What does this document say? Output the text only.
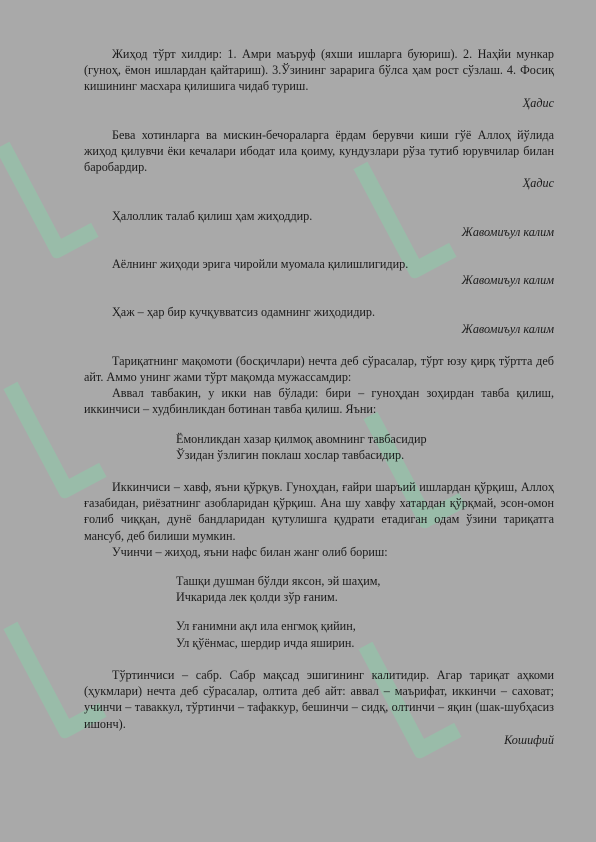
Жиҳод тўрт хилдир: 1. Амри маъруф (яхши ишларга буюриш). 2. Наҳйи мункар (гуноҳ, ёмон ишлардан қайтариш). 3.Ўзининг зарарига бўлса ҳам рост сўзлаш. 4. Фосиқ кишининг масхара қилишига чидаб туриш.

Ҳадис

Бева хотинларга ва мискин-бечораларга ёрдам берувчи киши гўё Аллоҳ йўлида жиҳод қилувчи ёки кечалари ибодат ила қоиму, кундузлари рўза тутиб юрувчилар билан баробардир.

Ҳадис

Ҳалоллик талаб қилиш ҳам жиҳоддир.

Жавомиъул калим

Аёлнинг жиҳоди эрига чиройли муомала қилишлигидир.

Жавомиъул калим

Ҳаж – ҳар бир кучқувватсиз одамнинг жиҳодидир.

Жавомиъул калим

Тариқатнинг мақомоти (босқичлари) нечта деб сўрасалар, тўрт юзу қирқ тўртта деб айт. Аммо унинг жами тўрт мақомда мужассамдир:

Аввал тавбакин, у икки нав бўлади: бири – гуноҳдан зоҳирдан тавба қилиш, иккинчиси – худбинликдан ботинан тавба қилиш. Яъни:

Ёмонликдан хазар қилмоқ авомнинг тавбасидир

Ўзидан ўзлигин поклаш хослар тавбасидир.

Иккинчиси – хавф, яъни қўрқув. Гуноҳдан, ғайри шаръий ишлардан қўрқиш, Аллоҳ ғазабидан, риёзатнинг азобларидан қўрқиш. Ана шу хавфу хатардан қўрқмай, эсон-омон ғолиб чиққан, дунё бандларидан қутулишга қудрати етадиган одам ўзини тариқатга мансуб, деб билиши мумкин.

Учинчи – жиҳод, яъни нафс билан жанг олиб бориш:

Ташқи душман бўлди якcон, эй шаҳим,

Ичкарида лек қолди зўр ғаним.

Ул ғанимни ақл ила енгмоқ қийин,

Ул қўёнмас, шердир ичда яширин.

Тўртинчиси – сабр. Сабр мақсад эшигининг калитидир. Агар тариқат аҳкоми (ҳукмлари) нечта деб сўрасалар, олтита деб айт: аввал – маърифат, иккинчи – саховат; учинчи – таваккул, тўртинчи – тафаккур, бешинчи – сидқ, олтинчи – яқин (шак-шубҳасиз ишонч).

Кошифий
